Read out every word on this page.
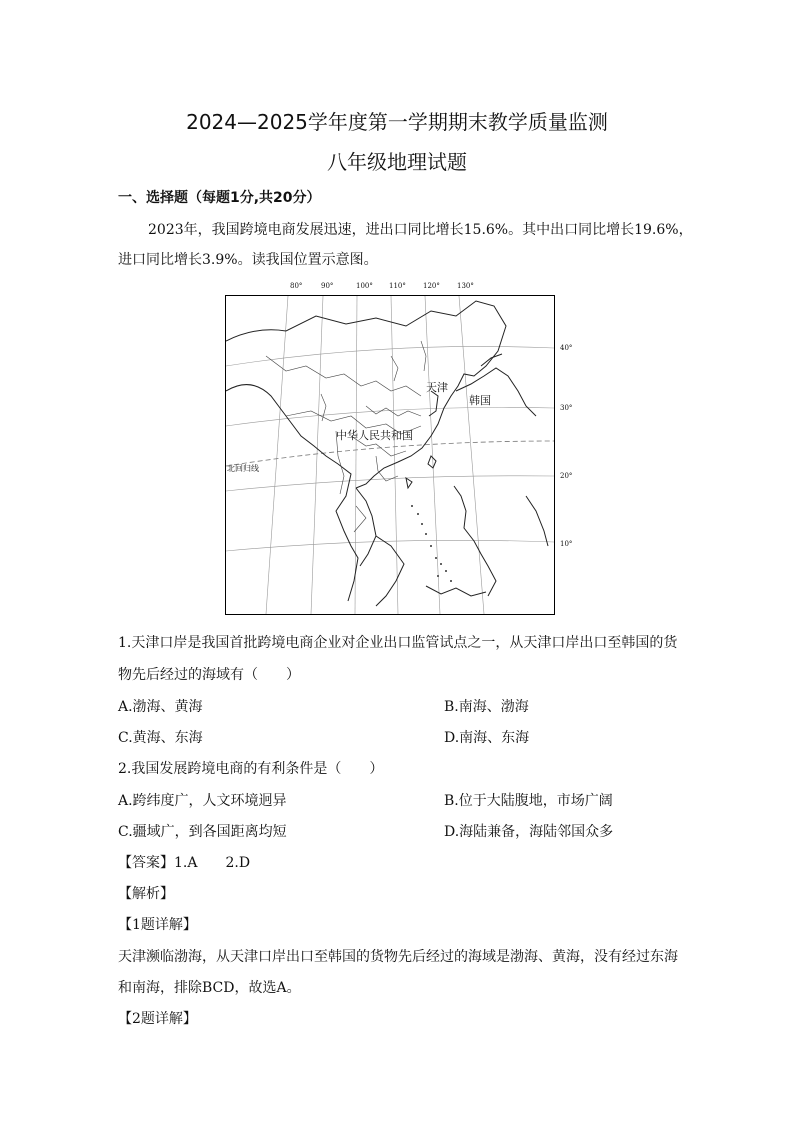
2024—2025学年度第一学期期末教学质量监测
八年级地理试题
一、选择题（每题1分,共20分）
2023年，我国跨境电商发展迅速，进出口同比增长15.6%。其中出口同比增长19.6%，
进口同比增长3.9%。读我国位置示意图。
80°	90°	100° 110° 120° 130°
天津
韩国
中华人民共和国
北回归线
40°
30°
20°
10°
1.天津口岸是我国首批跨境电商企业对企业出口监管试点之一，从天津口岸出口至韩国的货
物先后经过的海域有（　　）
A.渤海、黄海	B.南海、渤海
C.黄海、东海	D.南海、东海
2.我国发展跨境电商的有利条件是（　　）
A.跨纬度广，人文环境迥异	B.位于大陆腹地，市场广阔
C.疆域广，到各国距离均短	D.海陆兼备，海陆邻国众多
【答案】1.A　　2.D
【解析】
【1题详解】
天津濒临渤海，从天津口岸出口至韩国的货物先后经过的海域是渤海、黄海，没有经过东海
和南海，排除BCD，故选A。
【2题详解】
